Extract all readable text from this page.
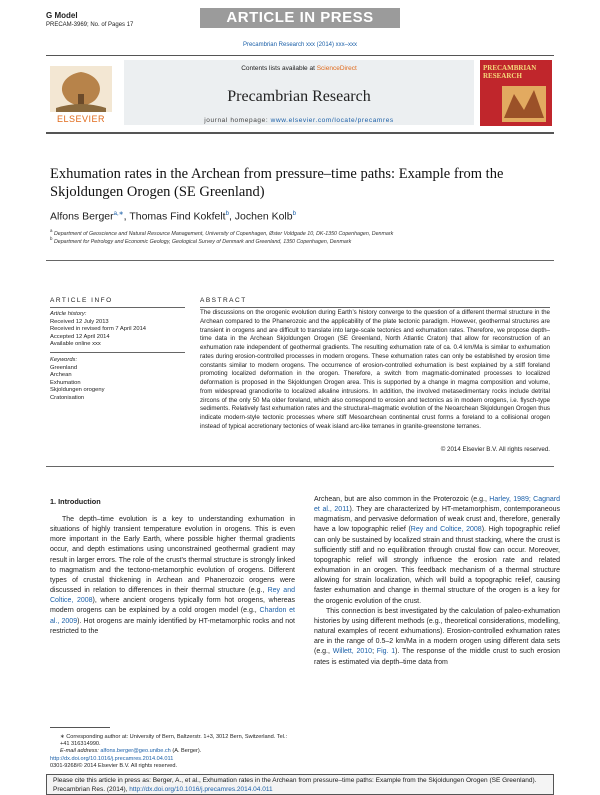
G Model
PRECAM-3969; No. of Pages 17	ARTICLE IN PRESS
Precambrian Research xxx (2014) xxx–xxx
ELSEVIER
Contents lists available at ScienceDirect
Precambrian Research
journal homepage: www.elsevier.com/locate/precamres
PRECAMBRIAN RESEARCH
Exhumation rates in the Archean from pressure–time paths: Example from the Skjoldungen Orogen (SE Greenland)
Alfons Berger$^{a,∗}$, Thomas Find Kokfelt$^b$, Jochen Kolb$^b$
$^a$ Department of Geoscience and Natural Resource Management, University of Copenhagen, Øster Voldgade 10, DK-1350 Copenhagen, Denmark
$^b$ Department for Petrology and Economic Geology, Geological Survey of Denmark and Greenland, 1350 Copenhagen, Denmark
ARTICLE INFO
Article history:
Received 12 July 2013
Received in revised form 7 April 2014
Accepted 12 April 2014
Available online xxx
Keywords:
Greenland
Archean
Exhumation
Skjoldungen orogeny
Cratonisation
ABSTRACT
The discussions on the orogenic evolution during Earth’s history converge to the question of a different thermal structure in the Archean compared to the Phanerozoic and the applicability of the plate tectonic paradigm. However, geothermal structures are transient in orogens and are difficult to translate into large-scale tectonics and exhumation rates. Therefore, we propose depth–time data in the Archean Skjoldungen Orogen (SE Greenland, North Atlantic Craton) that allow for reconstruction of an exhumation rate independent of geothermal gradients. The resulting exhumation rate of ca. 0.4 km/Ma is similar to exhumation rates during erosion-controlled processes in modern orogens. These exhumation rates can only be established by erosion time constants similar to modern orogens. The occurrence of erosion-controlled exhumation is best explained by a stiff foreland promoting localized deformation in the orogen. Therefore, a switch from magmatic-dominated processes to localized deformation is proposed in the Skjoldungen Orogen area. This is supported by a change in magma composition and volume, from widespread granodiorite to localized alkaline intrusions. In addition, the involved metasedimentary rocks include detrital zircons of the only 50 Ma older foreland, which also correspond to erosion and tectonics as in modern orogens, i.e. flysch-type sediments. Relatively fast exhumation rates and the structural–magmatic evolution of the Neoarchean Skjoldungen Orogen thus indicate modern-style tectonic processes where stiff Mesoarchean continental crust forms a foreland to a collisional orogen instead of typical accretionary tectonics of weak island arc-like terranes in granite-greenstone terranes.
© 2014 Elsevier B.V. All rights reserved.
1. Introduction

The depth–time evolution is a key to understanding exhumation in situations of highly transient temperature evolution in orogens. This is even more important in the Early Earth, where possible higher thermal gradients occur, and depth estimations using unconstrained geothermal gradient may result in larger errors. The role of the crust’s thermal structure is strongly linked to magmatism and the tectono-metamorphic evolution of orogens. Different types of crustal thickening in Archean and Phanerozoic orogens were discussed in relation to differences in their thermal structure (e.g., Rey and Coltice, 2008), where ancient orogens typically form hot orogens, whereas modern orogens can be explained by a cold orogen model (e.g., Chardon et al., 2009). Hot orogens are mainly identified by HT-metamorphic rocks and not restricted to the

Archean, but are also common in the Proterozoic (e.g., Harley, 1989; Cagnard et al., 2011). They are characterized by HT-metamorphism, contemporaneous magmatism, and pervasive deformation of weak crust and, therefore, generally have a low topographic relief (Rey and Coltice, 2008). High topographic relief can only be sustained by localized strain and thrust stacking, where the crust is sufficiently stiff and no equilibration through crustal flow can occur. Moreover, topographic relief will strongly influence the erosion rate and related exhumation in an orogen. This feedback mechanism of a thermal structure allowing for strain localization, which will build a topographic relief, causing faster exhumation and change in thermal structure of the orogen is a key for the orogenic evolution of the crust.

This connection is best investigated by the calculation of paleo-exhumation histories by using different methods (e.g., theoretical considerations, modelling, natural examples of recent exhumations). Erosion-controlled exhumation rates are in the range of 0.5–2 km/Ma in a modern orogen using different data sets (e.g., Willett, 2010; Fig. 1). The response of the middle crust to such erosion rates is estimated via depth–time data from

∗ Corresponding author at: University of Bern, Baltzerstr. 1+3, 3012 Bern, Switzerland. Tel.: +41 316314990.
E-mail address: alfons.berger@geo.unibe.ch (A. Berger).
http://dx.doi.org/10.1016/j.precamres.2014.04.011
0301-9268/© 2014 Elsevier B.V. All rights reserved.
Please cite this article in press as: Berger, A., et al., Exhumation rates in the Archean from pressure–time paths: Example from the Skjoldungen Orogen (SE Greenland). Precambrian Res. (2014), http://dx.doi.org/10.1016/j.precamres.2014.04.011
